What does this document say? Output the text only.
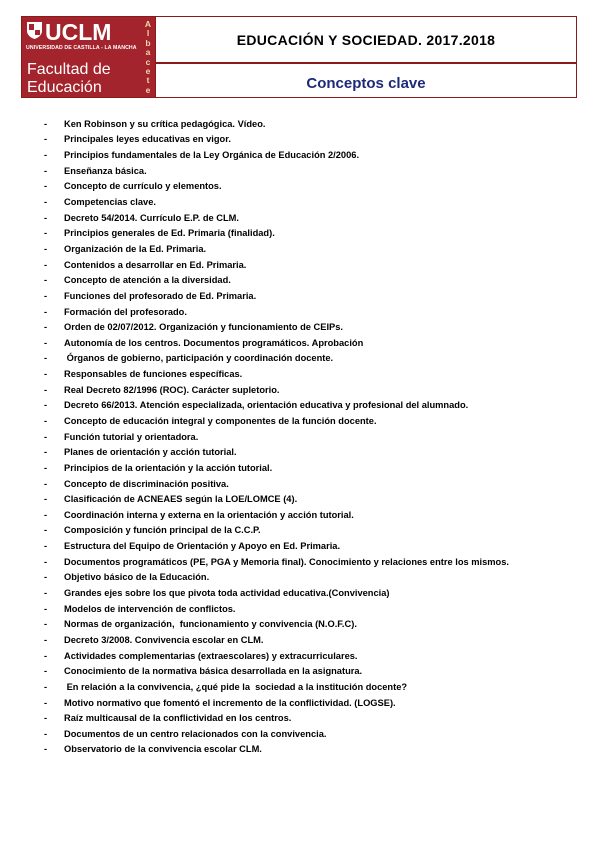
UCLM
UNIVERSIDAD DE CASTILLA - LA MANCHA
Facultad de
Educación
A
l
b
a
c
e
t
e
EDUCACIÓN Y SOCIEDAD. 2017.2018
Conceptos clave
-	Ken Robinson y su crítica pedagógica. Vídeo.
-	Principales leyes educativas en vigor.
-	Principios fundamentales de la Ley Orgánica de Educación 2/2006.
-	Enseñanza básica.
-	Concepto de currículo y elementos.
-	Competencias clave.
-	Decreto 54/2014. Currículo E.P. de CLM.
-	Principios generales de Ed. Primaria (finalidad).
-	Organización de la Ed. Primaria.
-	Contenidos a desarrollar en Ed. Primaria.
-	Concepto de atención a la diversidad.
-	Funciones del profesorado de Ed. Primaria.
-	Formación del profesorado.
-	Orden de 02/07/2012. Organización y funcionamiento de CEIPs.
-	Autonomía de los centros. Documentos programáticos. Aprobación
-	Órganos de gobierno, participación y coordinación docente.
-	Responsables de funciones específicas.
-	Real Decreto 82/1996 (ROC). Carácter supletorio.
-	Decreto 66/2013. Atención especializada, orientación educativa y profesional del alumnado.
-	Concepto de educación integral y componentes de la función docente.
-	Función tutorial y orientadora.
-	Planes de orientación y acción tutorial.
-	Principios de la orientación y la acción tutorial.
-	Concepto de discriminación positiva.
-	Clasificación de ACNEAES según la LOE/LOMCE (4).
-	Coordinación interna y externa en la orientación y acción tutorial.
-	Composición y función principal de la C.C.P.
-	Estructura del Equipo de Orientación y Apoyo en Ed. Primaria.
-	Documentos programáticos (PE, PGA y Memoria final). Conocimiento y relaciones entre los mismos.
-	Objetivo básico de la Educación.
-	Grandes ejes sobre los que pivota toda actividad educativa.(Convivencia)
-	Modelos de intervención de conflictos.
-	Normas de organización,  funcionamiento y convivencia (N.O.F.C).
-	Decreto 3/2008. Convivencia escolar en CLM.
-	Actividades complementarias (extraescolares) y extracurriculares.
-	Conocimiento de la normativa básica desarrollada en la asignatura.
-	En relación a la convivencia, ¿qué pide la  sociedad a la institución docente?
-	Motivo normativo que fomentó el incremento de la conflictividad. (LOGSE).
-	Raíz multicausal de la conflictividad en los centros.
-	Documentos de un centro relacionados con la convivencia.
-	Observatorio de la convivencia escolar CLM.
